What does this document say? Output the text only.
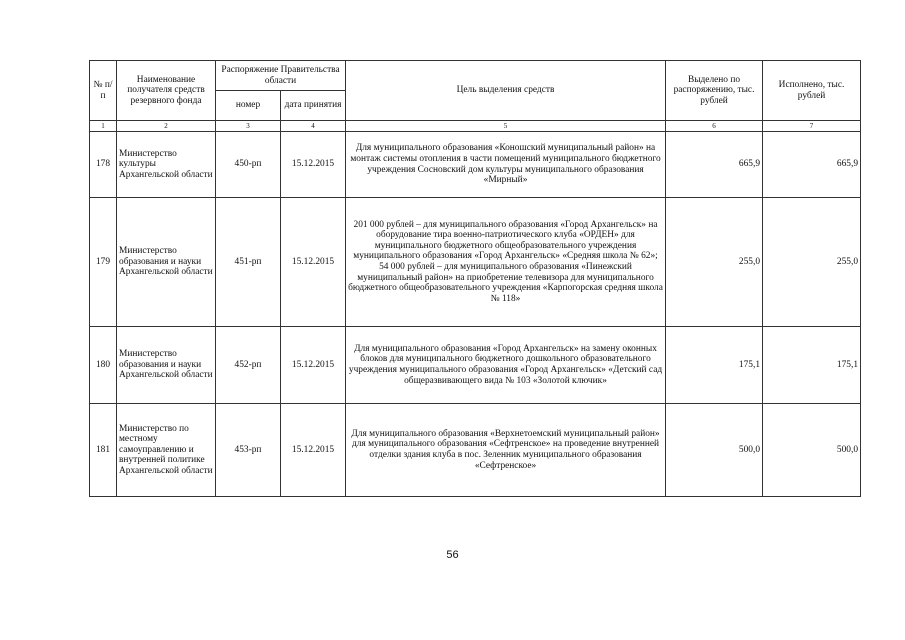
№ п/п	Наименование получателя средств резервного фонда	Распоряжение Правительства области		Цель выделения средств	Выделено по распоряжению, тыс. рублей	Исполнено, тыс. рублей
		номер	дата принятия			
1	2	3	4	5	6	7
178	Министерство культуры Архангельской области	450-рп	15.12.2015	Для муниципального образования «Коношский муниципальный район» на монтаж системы отопления в части помещений муниципального бюджетного учреждения Сосновский дом культуры муниципального образования «Мирный»	665,9	665,9
179	Министерство образования и науки Архангельской области	451-рп	15.12.2015	201 000 рублей – для муниципального образования «Город Архангельск» на оборудование тира военно-патриотического клуба «ОРДЕН» для муниципального бюджетного общеобразовательного учреждения муниципального образования «Город Архангельск» «Средняя школа № 62»; 54 000 рублей – для муниципального образования «Пинежский муниципальный район» на приобретение телевизора для муниципального бюджетного общеобразовательного учреждения «Карпогорская средняя школа № 118»	255,0	255,0
180	Министерство образования и науки Архангельской области	452-рп	15.12.2015	Для муниципального образования «Город Архангельск» на замену оконных блоков для муниципального бюджетного дошкольного образовательного учреждения муниципального образования «Город Архангельск» «Детский сад общеразвивающего вида № 103 «Золотой ключик»	175,1	175,1
181	Министерство по местному самоуправлению и внутренней политике Архангельской области	453-рп	15.12.2015	Для муниципального образования «Верхнетоемский муниципальный район» для муниципального образования «Сефтренское» на проведение внутренней отделки здания клуба в пос. Зеленник муниципального образования «Сефтренское»	500,0	500,0
56
